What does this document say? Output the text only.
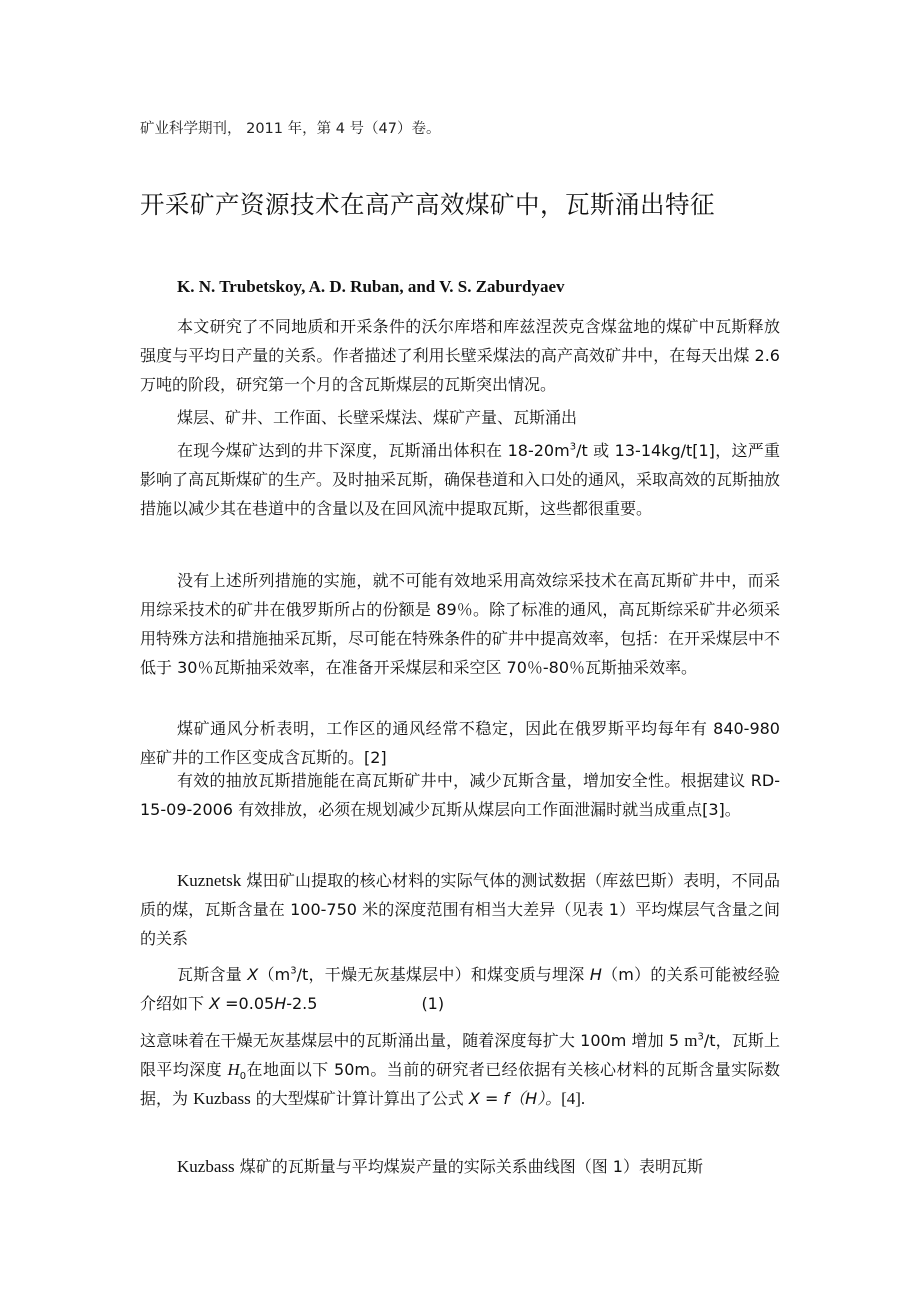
矿业科学期刊， 2011 年，第 4 号（47）卷。

开采矿产资源技术在高产高效煤矿中，瓦斯涌出特征

K. N. Trubetskoy, A. D. Ruban, and V. S. Zaburdyaev

本文研究了不同地质和开采条件的沃尔库塔和库兹涅茨克含煤盆地的煤矿中瓦斯释放强度与平均日产量的关系。作者描述了利用长壁采煤法的高产高效矿井中，在每天出煤 2.6 万吨的阶段，研究第一个月的含瓦斯煤层的瓦斯突出情况。

煤层、矿井、工作面、长壁采煤法、煤矿产量、瓦斯涌出

在现今煤矿达到的井下深度，瓦斯涌出体积在 $18-20m^3/t$ 或 13-14kg/t[1]，这严重影响了高瓦斯煤矿的生产。及时抽采瓦斯，确保巷道和入口处的通风，采取高效的瓦斯抽放措施以减少其在巷道中的含量以及在回风流中提取瓦斯，这些都很重要。

没有上述所列措施的实施，就不可能有效地采用高效综采技术在高瓦斯矿井中，而采用综采技术的矿井在俄罗斯所占的份额是 89％。除了标准的通风，高瓦斯综采矿井必须采用特殊方法和措施抽采瓦斯，尽可能在特殊条件的矿井中提高效率，包括：在开采煤层中不低于 30％瓦斯抽采效率，在准备开采煤层和采空区 70％-80％瓦斯抽采效率。

煤矿通风分析表明，工作区的通风经常不稳定，因此在俄罗斯平均每年有 840-980 座矿井的工作区变成含瓦斯的。[2]

有效的抽放瓦斯措施能在高瓦斯矿井中，减少瓦斯含量，增加安全性。根据建议 RD-15-09-2006 有效排放，必须在规划减少瓦斯从煤层向工作面泄漏时就当成重点[3]。

Kuznetsk 煤田矿山提取的核心材料的实际气体的测试数据（库兹巴斯）表明，不同品质的煤，瓦斯含量在 100-750 米的深度范围有相当大差异（见表 1）平均煤层气含量之间的关系

瓦斯含量 $X(m^3/t$，干燥无灰基煤层中）和煤变质与埋深 H（m）的关系可能被经验介绍如下 X =0.05H-2.5	(1)

这意味着在干燥无灰基煤层中的瓦斯涌出量，随着深度每扩大 100m 增加 5 $m^3/t$，瓦斯上限平均深度 $H_0$在地面以下 50m。当前的研究者已经依据有关核心材料的瓦斯含量实际数据，为 Kuzbass 的大型煤矿计算计算出了公式 X = f（H）。[4].

Kuzbass 煤矿的瓦斯量与平均煤炭产量的实际关系曲线图（图 1）表明瓦斯
